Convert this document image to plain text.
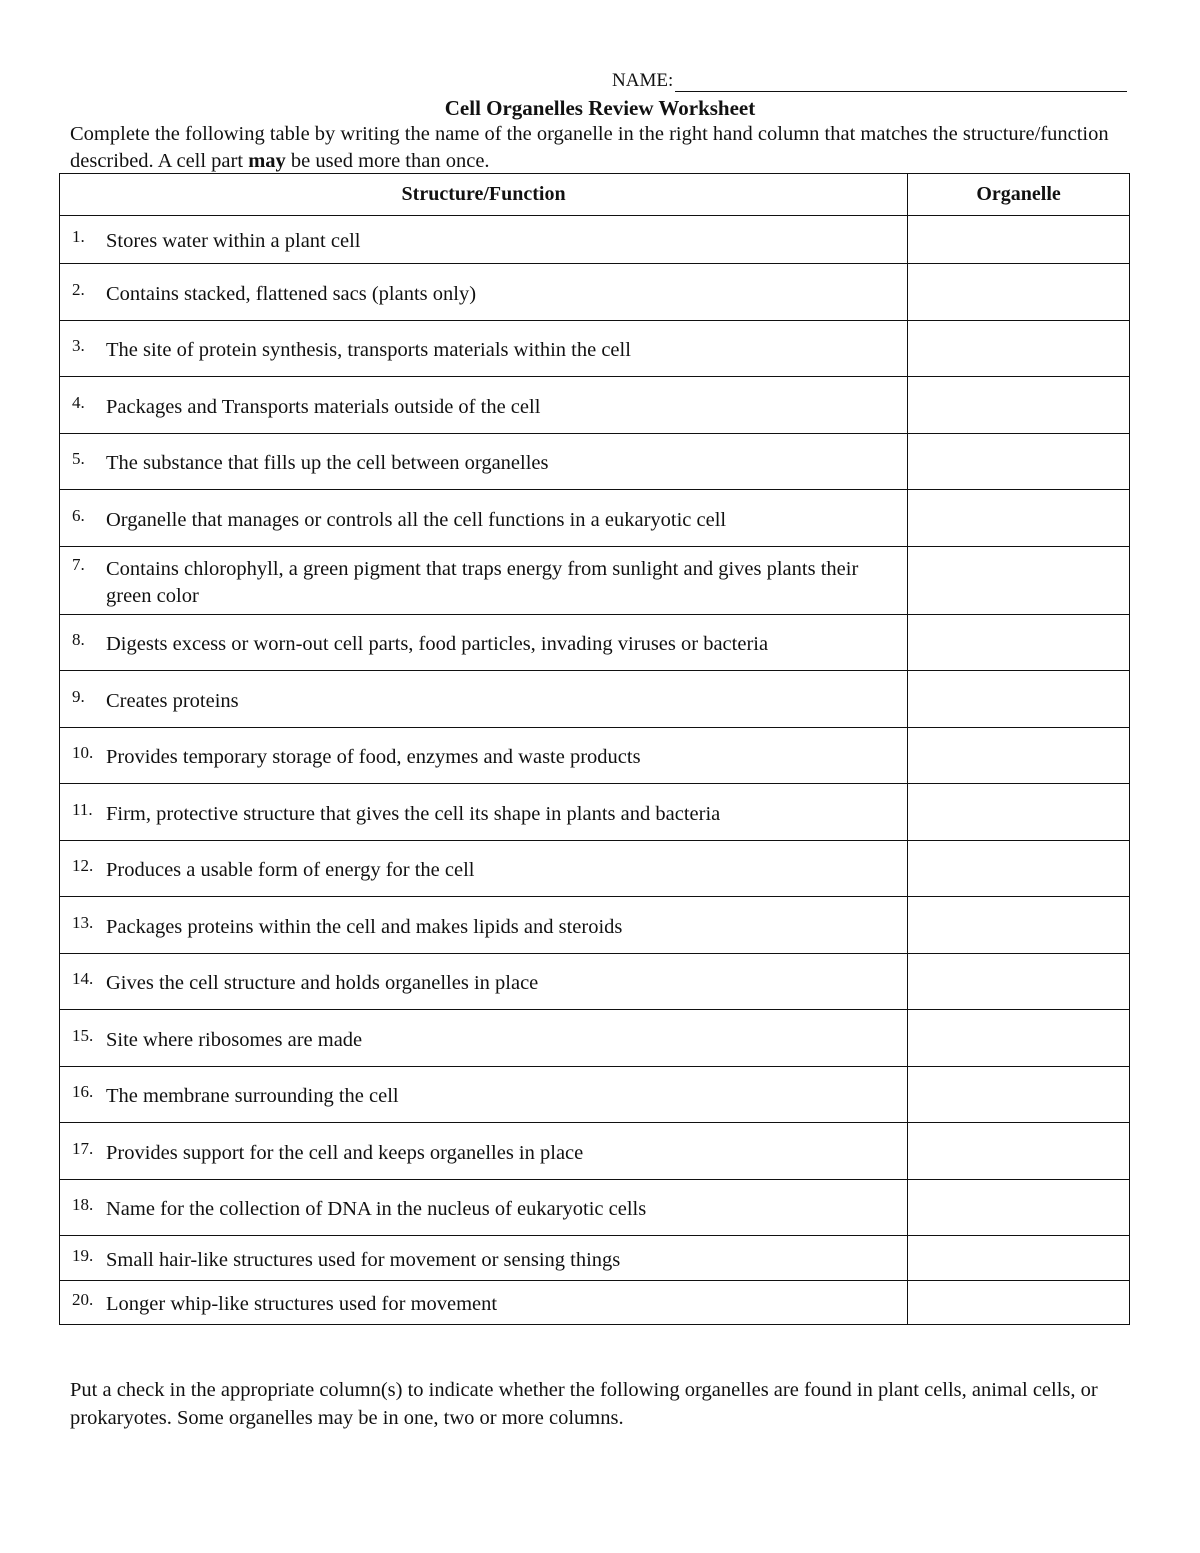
NAME:
Cell Organelles Review Worksheet
Complete the following table by writing the name of the organelle in the right hand column that matches the structure/function described. A cell part may be used more than once.
Structure/Function	Organelle

1. Stores water within a plant cell	

2. Contains stacked, flattened sacs (plants only)	

3. The site of protein synthesis, transports materials within the cell	

4. Packages and Transports materials outside of the cell	

5. The substance that fills up the cell between organelles	

6. Organelle that manages or controls all the cell functions in a eukaryotic cell	

7. Contains chlorophyll, a green pigment that traps energy from sunlight and gives plants their green color	

8. Digests excess or worn-out cell parts, food particles, invading viruses or bacteria	

9. Creates proteins	

10. Provides temporary storage of food, enzymes and waste products	

11. Firm, protective structure that gives the cell its shape in plants and bacteria	

12. Produces a usable form of energy for the cell	

13. Packages proteins within the cell and makes lipids and steroids	

14. Gives the cell structure and holds organelles in place	

15. Site where ribosomes are made	

16. The membrane surrounding the cell	

17. Provides support for the cell and keeps organelles in place	

18. Name for the collection of DNA in the nucleus of eukaryotic cells	

19. Small hair-like structures used for movement or sensing things	

20. Longer whip-like structures used for movement	

Put a check in the appropriate column(s) to indicate whether the following organelles are found in plant cells, animal cells, or prokaryotes. Some organelles may be in one, two or more columns.
